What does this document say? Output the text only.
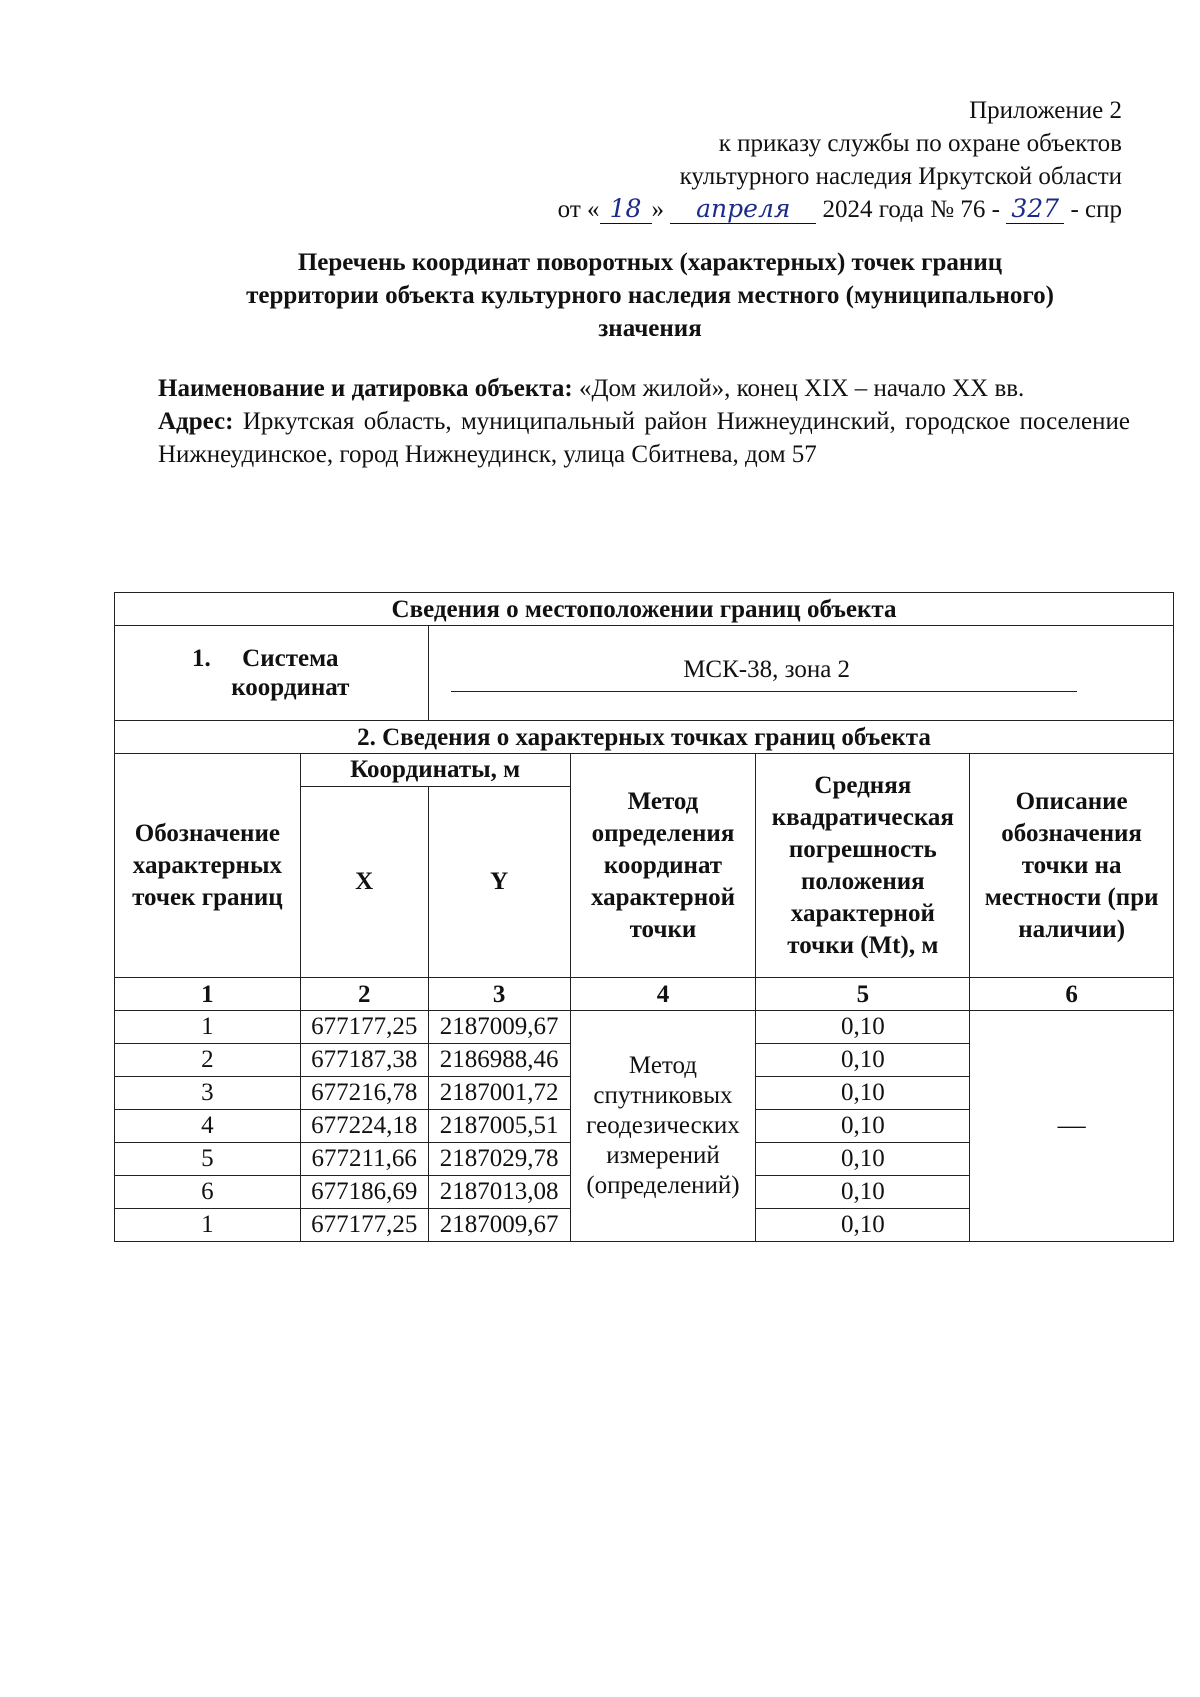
Приложение 2
к приказу службы по охране объектов
культурного наследия Иркутской области
от « 18 » апреля 2024 года № 76 - 327 - спр
Перечень координат поворотных (характерных) точек границ
территории объекта культурного наследия местного (муниципального)
значения

Наименование и датировка объекта: «Дом жилой», конец XIX – начало XX вв.

Адрес: Иркутская область, муниципальный район Нижнеудинский, городское поселение Нижнеудинское, город Нижнеудинск, улица Сбитнева, дом 57

Сведения о местоположении границ объекта					
1. Система координат		МСК-38, зона 2			

2. Сведения о характерных точках границ объекта					
Обозначение характерных точек границ	Координаты, м		Метод определения координат характерной точки	Средняя квадратическая погрешность положения характерной точки (Mt), м	Описание обозначения точки на местности (при наличии)
	X	Y			
1	2	3	4	5	6
1	677177,25	2187009,67	Метод спутниковых геодезических измерений (определений)	0,10	—
2	677187,38	2186988,46		0,10	
3	677216,78	2187001,72		0,10	
4	677224,18	2187005,51		0,10	
5	677211,66	2187029,78		0,10	
6	677186,69	2187013,08		0,10	
1	677177,25	2187009,67		0,10	
